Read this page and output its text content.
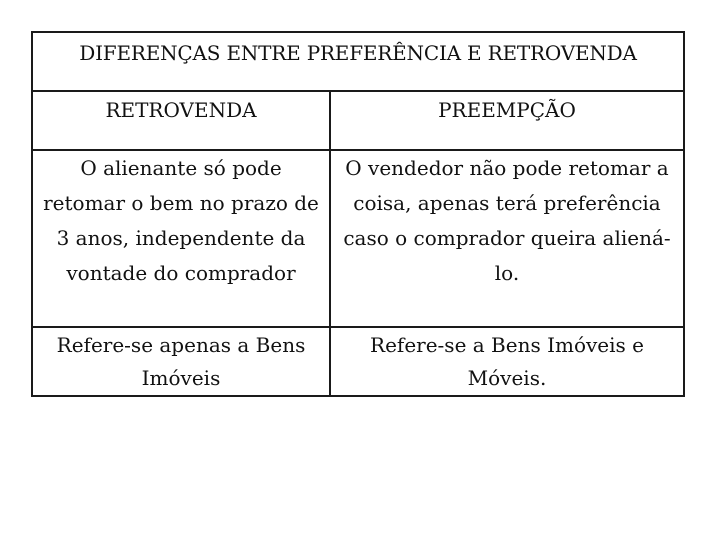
DIFERENÇAS ENTRE PREFERÊNCIA E RETROVENDA	
RETROVENDA	PREEMPÇÃO
O alienante só pode retomar o bem no prazo de 3 anos, independente da vontade do comprador	O vendedor não pode retomar a coisa, apenas terá preferência caso o comprador queira aliená-lo.
Refere-se apenas a Bens Imóveis	Refere-se a Bens Imóveis e Móveis.
